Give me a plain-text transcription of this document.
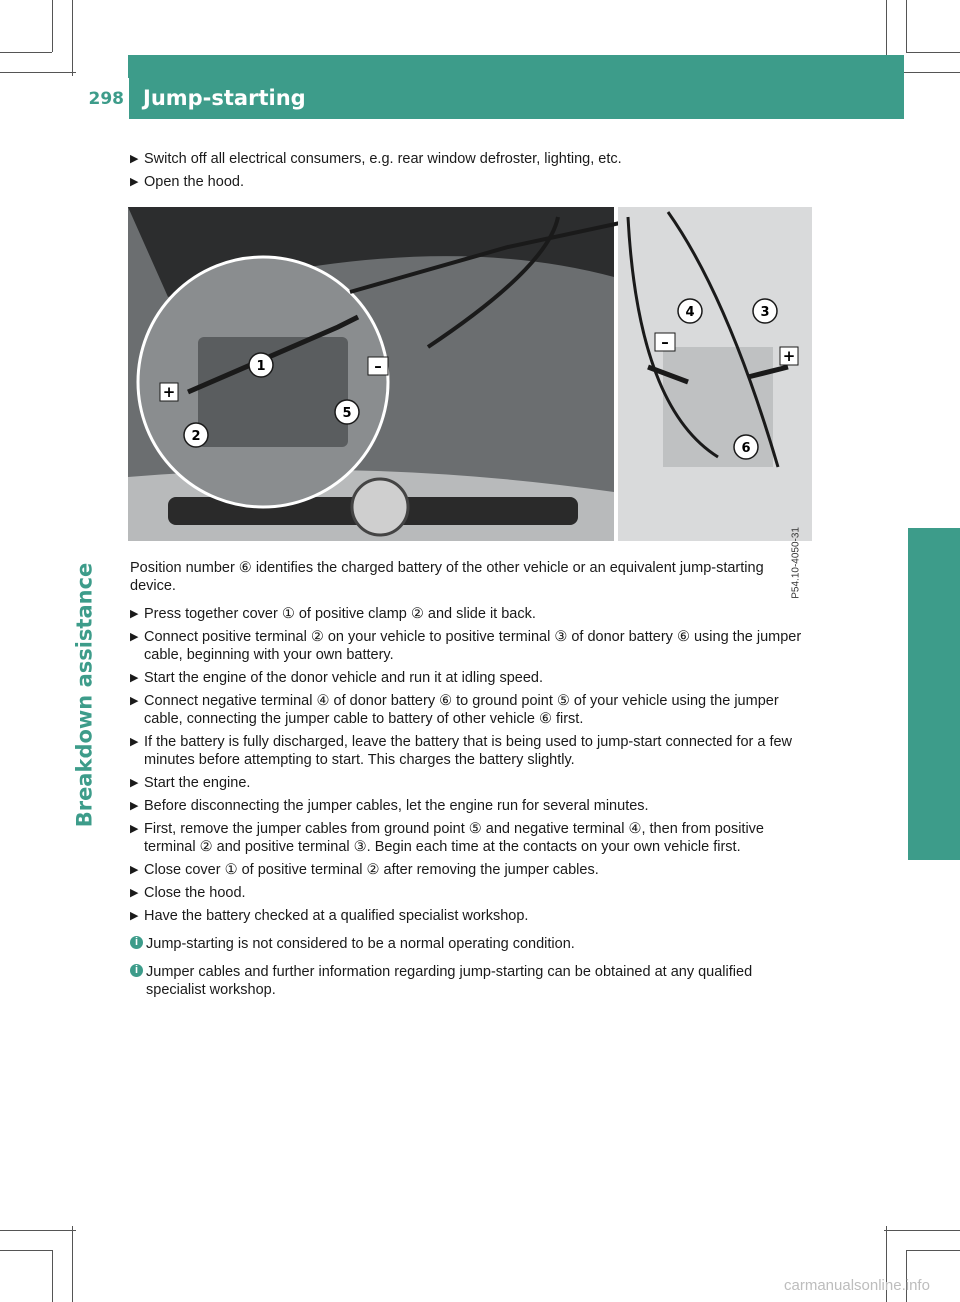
298 Jump-starting
Breakdown assistance
▶ Switch off all electrical consumers, e.g. rear window defroster, lighting, etc.
▶ Open the hood.
1
2
5
3
4
6
+
–
+
–
P54.10-4050-31
Position number ⑥ identifies the charged battery of the other vehicle or an equivalent jump-starting device.
▶ Press together cover ① of positive clamp ② and slide it back.
▶ Connect positive terminal ② on your vehicle to positive terminal ③ of donor battery ⑥ using the jumper cable, beginning with your own battery.
▶ Start the engine of the donor vehicle and run it at idling speed.
▶ Connect negative terminal ④ of donor battery ⑥ to ground point ⑤ of your vehicle using the jumper cable, connecting the jumper cable to battery of other vehicle ⑥ first.
▶ If the battery is fully discharged, leave the battery that is being used to jump-start connected for a few minutes before attempting to start. This charges the battery slightly.
▶ Start the engine.
▶ Before disconnecting the jumper cables, let the engine run for several minutes.
▶ First, remove the jumper cables from ground point ⑤ and negative terminal ④, then from positive terminal ② and positive terminal ③. Begin each time at the contacts on your own vehicle first.
▶ Close cover ① of positive terminal ② after removing the jumper cables.
▶ Close the hood.
▶ Have the battery checked at a qualified specialist workshop.
i Jump-starting is not considered to be a normal operating condition.
i Jumper cables and further information regarding jump-starting can be obtained at any qualified specialist workshop.
carmanualsonline.info
